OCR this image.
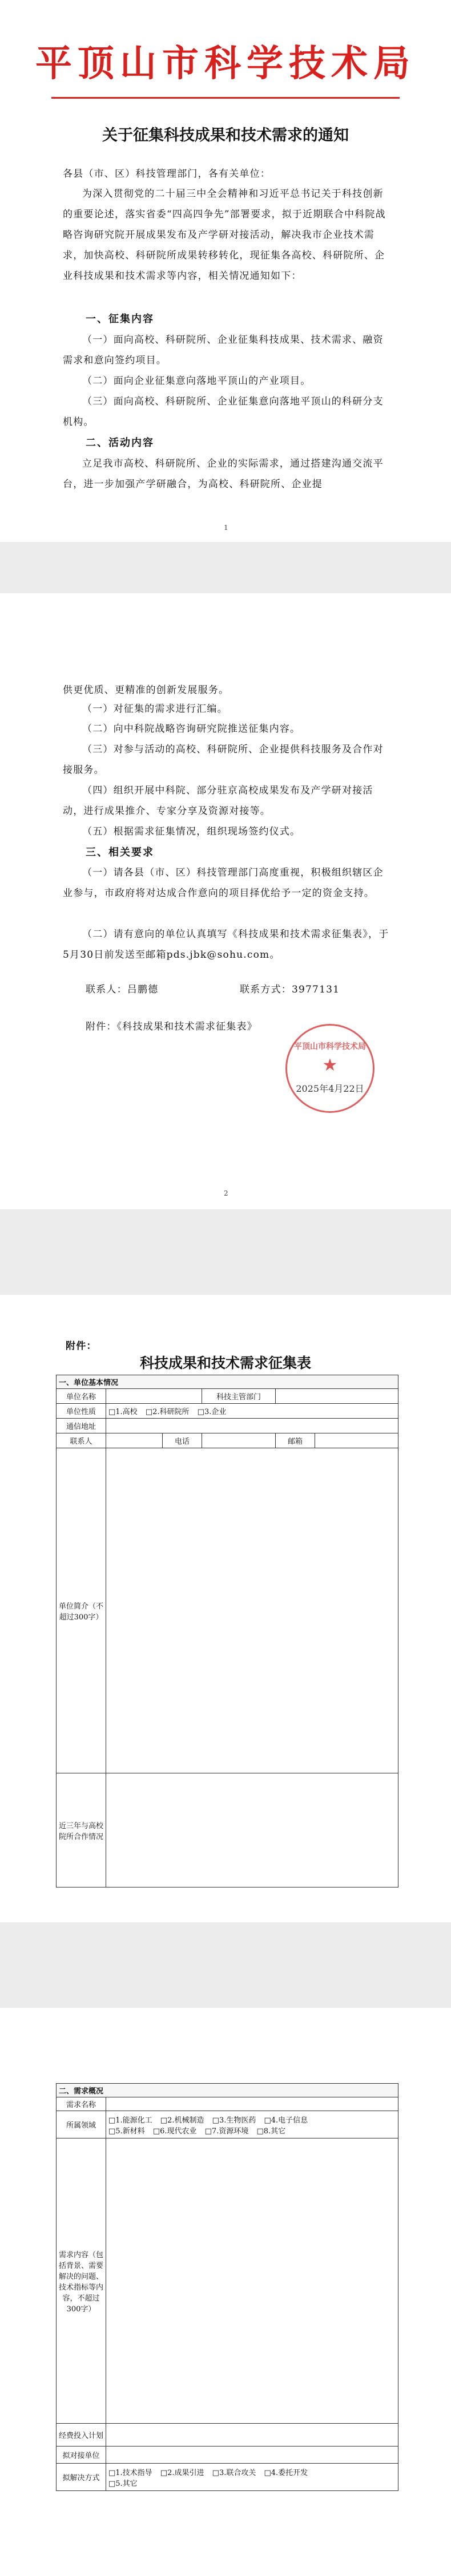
平顶山市科学技术局
关于征集科技成果和技术需求的通知
各县（市、区）科技管理部门，各有关单位：
为深入贯彻党的二十届三中全会精神和习近平总书记关于科技创新的重要论述，落实省委“四高四争先”部署要求，拟于近期联合中科院战略咨询研究院开展成果发布及产学研对接活动，解决我市企业技术需求，加快高校、科研院所成果转移转化，现征集各高校、科研院所、企业科技成果和技术需求等内容，相关情况通知如下：
一、征集内容
（一）面向高校、科研院所、企业征集科技成果、技术需求、融资需求和意向签约项目。
（二）面向企业征集意向落地平顶山的产业项目。
（三）面向高校、科研院所、企业征集意向落地平顶山的科研分支机构。
二、活动内容
立足我市高校、科研院所、企业的实际需求，通过搭建沟通交流平台，进一步加强产学研融合，为高校、科研院所、企业提
1
供更优质、更精准的创新发展服务。
（一）对征集的需求进行汇编。
（二）向中科院战略咨询研究院推送征集内容。
（三）对参与活动的高校、科研院所、企业提供科技服务及合作对接服务。
（四）组织开展中科院、部分驻京高校成果发布及产学研对接活动，进行成果推介、专家分享及资源对接等。
（五）根据需求征集情况，组织现场签约仪式。
三、相关要求
（一）请各县（市、区）科技管理部门高度重视，积极组织辖区企业参与，市政府将对达成合作意向的项目择优给予一定的资金支持。
（二）请有意向的单位认真填写《科技成果和技术需求征集表》，于5月30日前发送至邮箱pds.jbk@sohu.com。
联系人：吕鹏德	联系方式：3977131
附件：《科技成果和技术需求征集表》
平顶山市科学技术局
★
2025年4月22日
2
附件：
科技成果和技术需求征集表
一、单位基本情况					
单位名称			科技主管部门		
单位性质	□1.高校 □2.科研院所 □3.企业				
通信地址					
联系人		电话		邮箱	
单位简介（不超过300字）					
近三年与高校院所合作情况					
二、需求概况	
需求名称	
所属领域	□1.能源化工 □2.机械制造 □3.生物医药 □4.电子信息
□5.新材料 □6.现代农业 □7.资源环境 □8.其它

需求内容（包括背景、需要解决的问题、技术指标等内容，不超过300字）	
经费投入计划	
拟对接单位	
拟解决方式	□1.技术指导 □2.成果引进 □3.联合攻关 □4.委托开发
□5.其它
